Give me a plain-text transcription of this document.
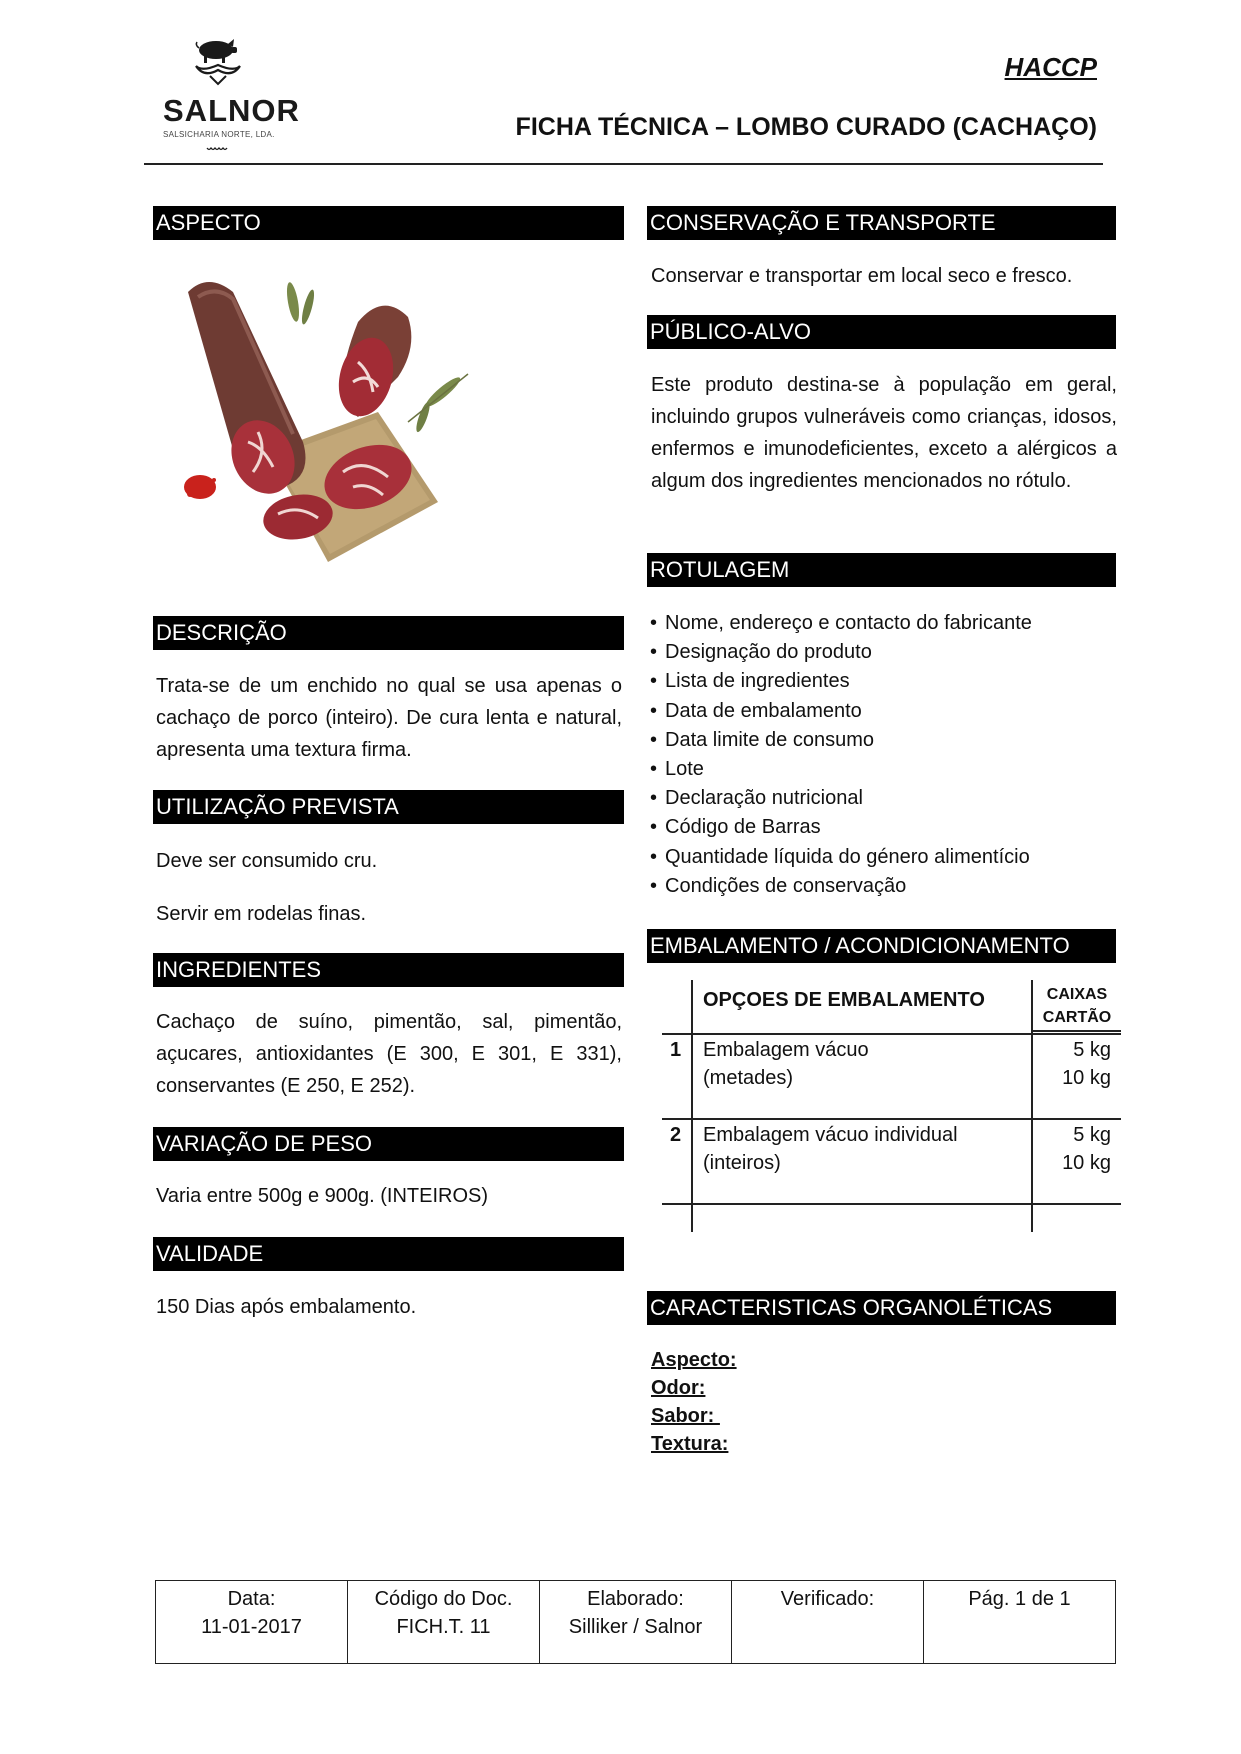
SALNOR
SALSICHARIA NORTE, LDA.
HACCP
FICHA TÉCNICA – LOMBO CURADO (CACHAÇO)
ASPECTO
DESCRIÇÃO
Trata-se de um enchido no qual se usa apenas o cachaço de porco (inteiro). De cura lenta e natural, apresenta uma textura firma.
UTILIZAÇÃO PREVISTA
Deve ser consumido cru.
Servir em rodelas finas.
INGREDIENTES
Cachaço de suíno, pimentão, sal, pimentão, açucares, antioxidantes (E 300, E 301, E 331), conservantes (E 250, E 252).
VARIAÇÃO DE PESO
Varia entre 500g e 900g. (INTEIROS)
VALIDADE
150 Dias após embalamento.
CONSERVAÇÃO E TRANSPORTE
Conservar e transportar em local seco e fresco.
PÚBLICO-ALVO
Este produto destina-se à população em geral, incluindo grupos vulneráveis como crianças, idosos, enfermos e imunodeficientes, exceto a alérgicos a algum dos ingredientes mencionados no rótulo.
ROTULAGEM
• Nome, endereço e contacto do fabricante
• Designação do produto
• Lista de ingredientes
• Data de embalamento
• Data limite de consumo
• Lote
• Declaração nutricional
• Código de Barras
• Quantidade líquida do género alimentício
• Condições de conservação
EMBALAMENTO / ACONDICIONAMENTO
OPÇOES DE EMBALAMENTO	CAIXAS
CARTÃO
1 Embalagem vácuo
(metades)
5 kg
10 kg
2 Embalagem vácuo individual
(inteiros)
5 kg
10 kg
CARACTERISTICAS ORGANOLÉTICAS
Aspecto:
Odor:
Sabor:
Textura:
Data:
11-01-2017
Código do Doc.
FICH.T. 11
Elaborado:
Silliker / Salnor
Verificado:	Pág. 1 de 1
